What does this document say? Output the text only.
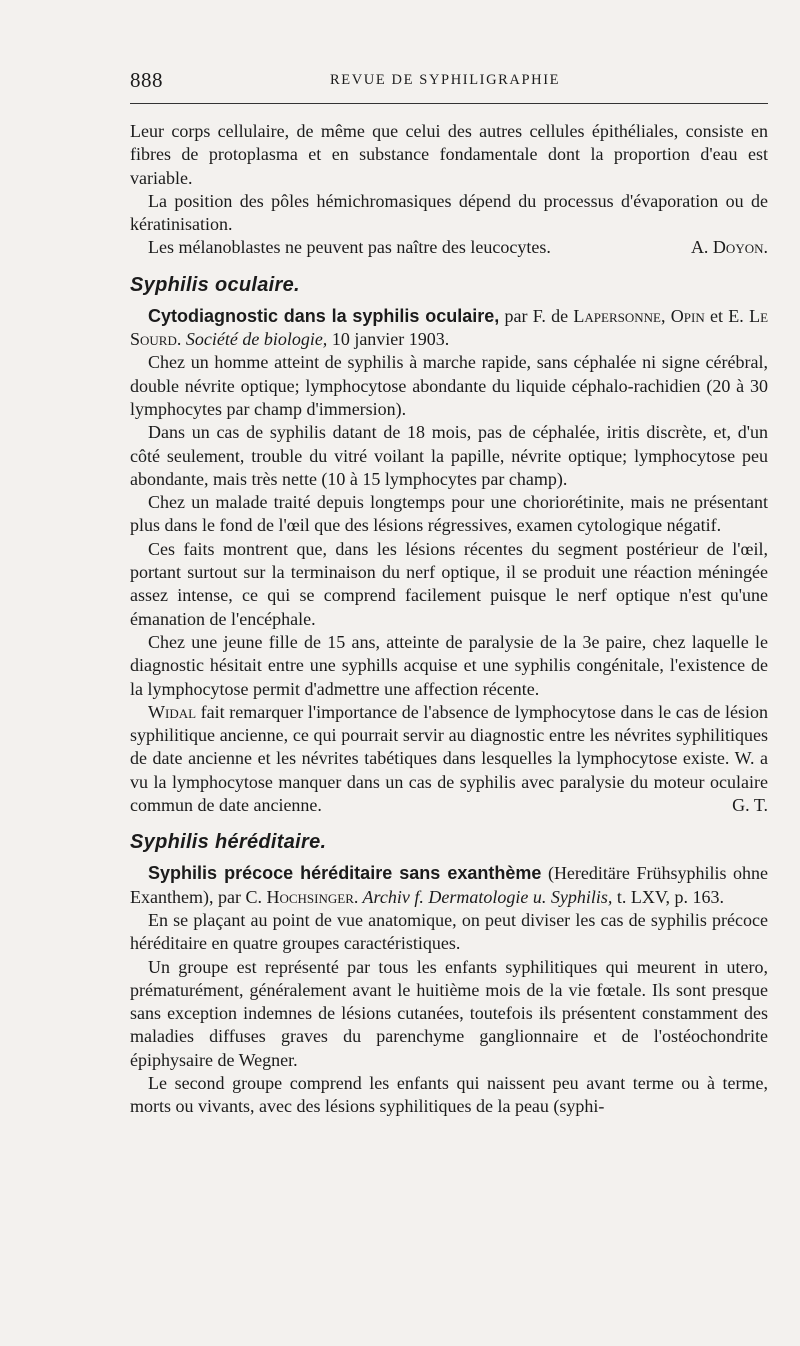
888	REVUE DE SYPHILIGRAPHIE

Leur corps cellulaire, de même que celui des autres cellules épithéliales, consiste en fibres de protoplasma et en substance fondamentale dont la proportion d'eau est variable.

La position des pôles hémichromasiques dépend du processus d'évaporation ou de kératinisation.

Les mélanoblastes ne peuvent pas naître des leucocytes.	A. Doyon.

Syphilis oculaire.

Cytodiagnostic dans la syphilis oculaire, par F. de Lapersonne, Opin et E. Le Sourd. Société de biologie, 10 janvier 1903.

Chez un homme atteint de syphilis à marche rapide, sans céphalée ni signe cérébral, double névrite optique; lymphocytose abondante du liquide céphalo-rachidien (20 à 30 lymphocytes par champ d'immersion).

Dans un cas de syphilis datant de 18 mois, pas de céphalée, iritis discrète, et, d'un côté seulement, trouble du vitré voilant la papille, névrite optique; lymphocytose peu abondante, mais très nette (10 à 15 lymphocytes par champ).

Chez un malade traité depuis longtemps pour une choriorétinite, mais ne présentant plus dans le fond de l'œil que des lésions régressives, examen cytologique négatif.

Ces faits montrent que, dans les lésions récentes du segment postérieur de l'œil, portant surtout sur la terminaison du nerf optique, il se produit une réaction méningée assez intense, ce qui se comprend facilement puisque le nerf optique n'est qu'une émanation de l'encéphale.

Chez une jeune fille de 15 ans, atteinte de paralysie de la 3e paire, chez laquelle le diagnostic hésitait entre une syphills acquise et une syphilis congénitale, l'existence de la lymphocytose permit d'admettre une affection récente.

Widal fait remarquer l'importance de l'absence de lymphocytose dans le cas de lésion syphilitique ancienne, ce qui pourrait servir au diagnostic entre les névrites syphilitiques de date ancienne et les névrites tabétiques dans lesquelles la lymphocytose existe. W. a vu la lymphocytose manquer dans un cas de syphilis avec paralysie du moteur oculaire commun de date ancienne.	G. T.

Syphilis héréditaire.

Syphilis précoce héréditaire sans exanthème (Hereditäre Frühsyphilis ohne Exanthem), par C. Hochsinger. Archiv f. Dermatologie u. Syphilis, t. LXV, p. 163.

En se plaçant au point de vue anatomique, on peut diviser les cas de syphilis précoce héréditaire en quatre groupes caractéristiques.

Un groupe est représenté par tous les enfants syphilitiques qui meurent in utero, prématurément, généralement avant le huitième mois de la vie fœtale. Ils sont presque sans exception indemnes de lésions cutanées, toutefois ils présentent constamment des maladies diffuses graves du parenchyme ganglionnaire et de l'ostéochondrite épiphysaire de Wegner.

Le second groupe comprend les enfants qui naissent peu avant terme ou à terme, morts ou vivants, avec des lésions syphilitiques de la peau (syphi-
